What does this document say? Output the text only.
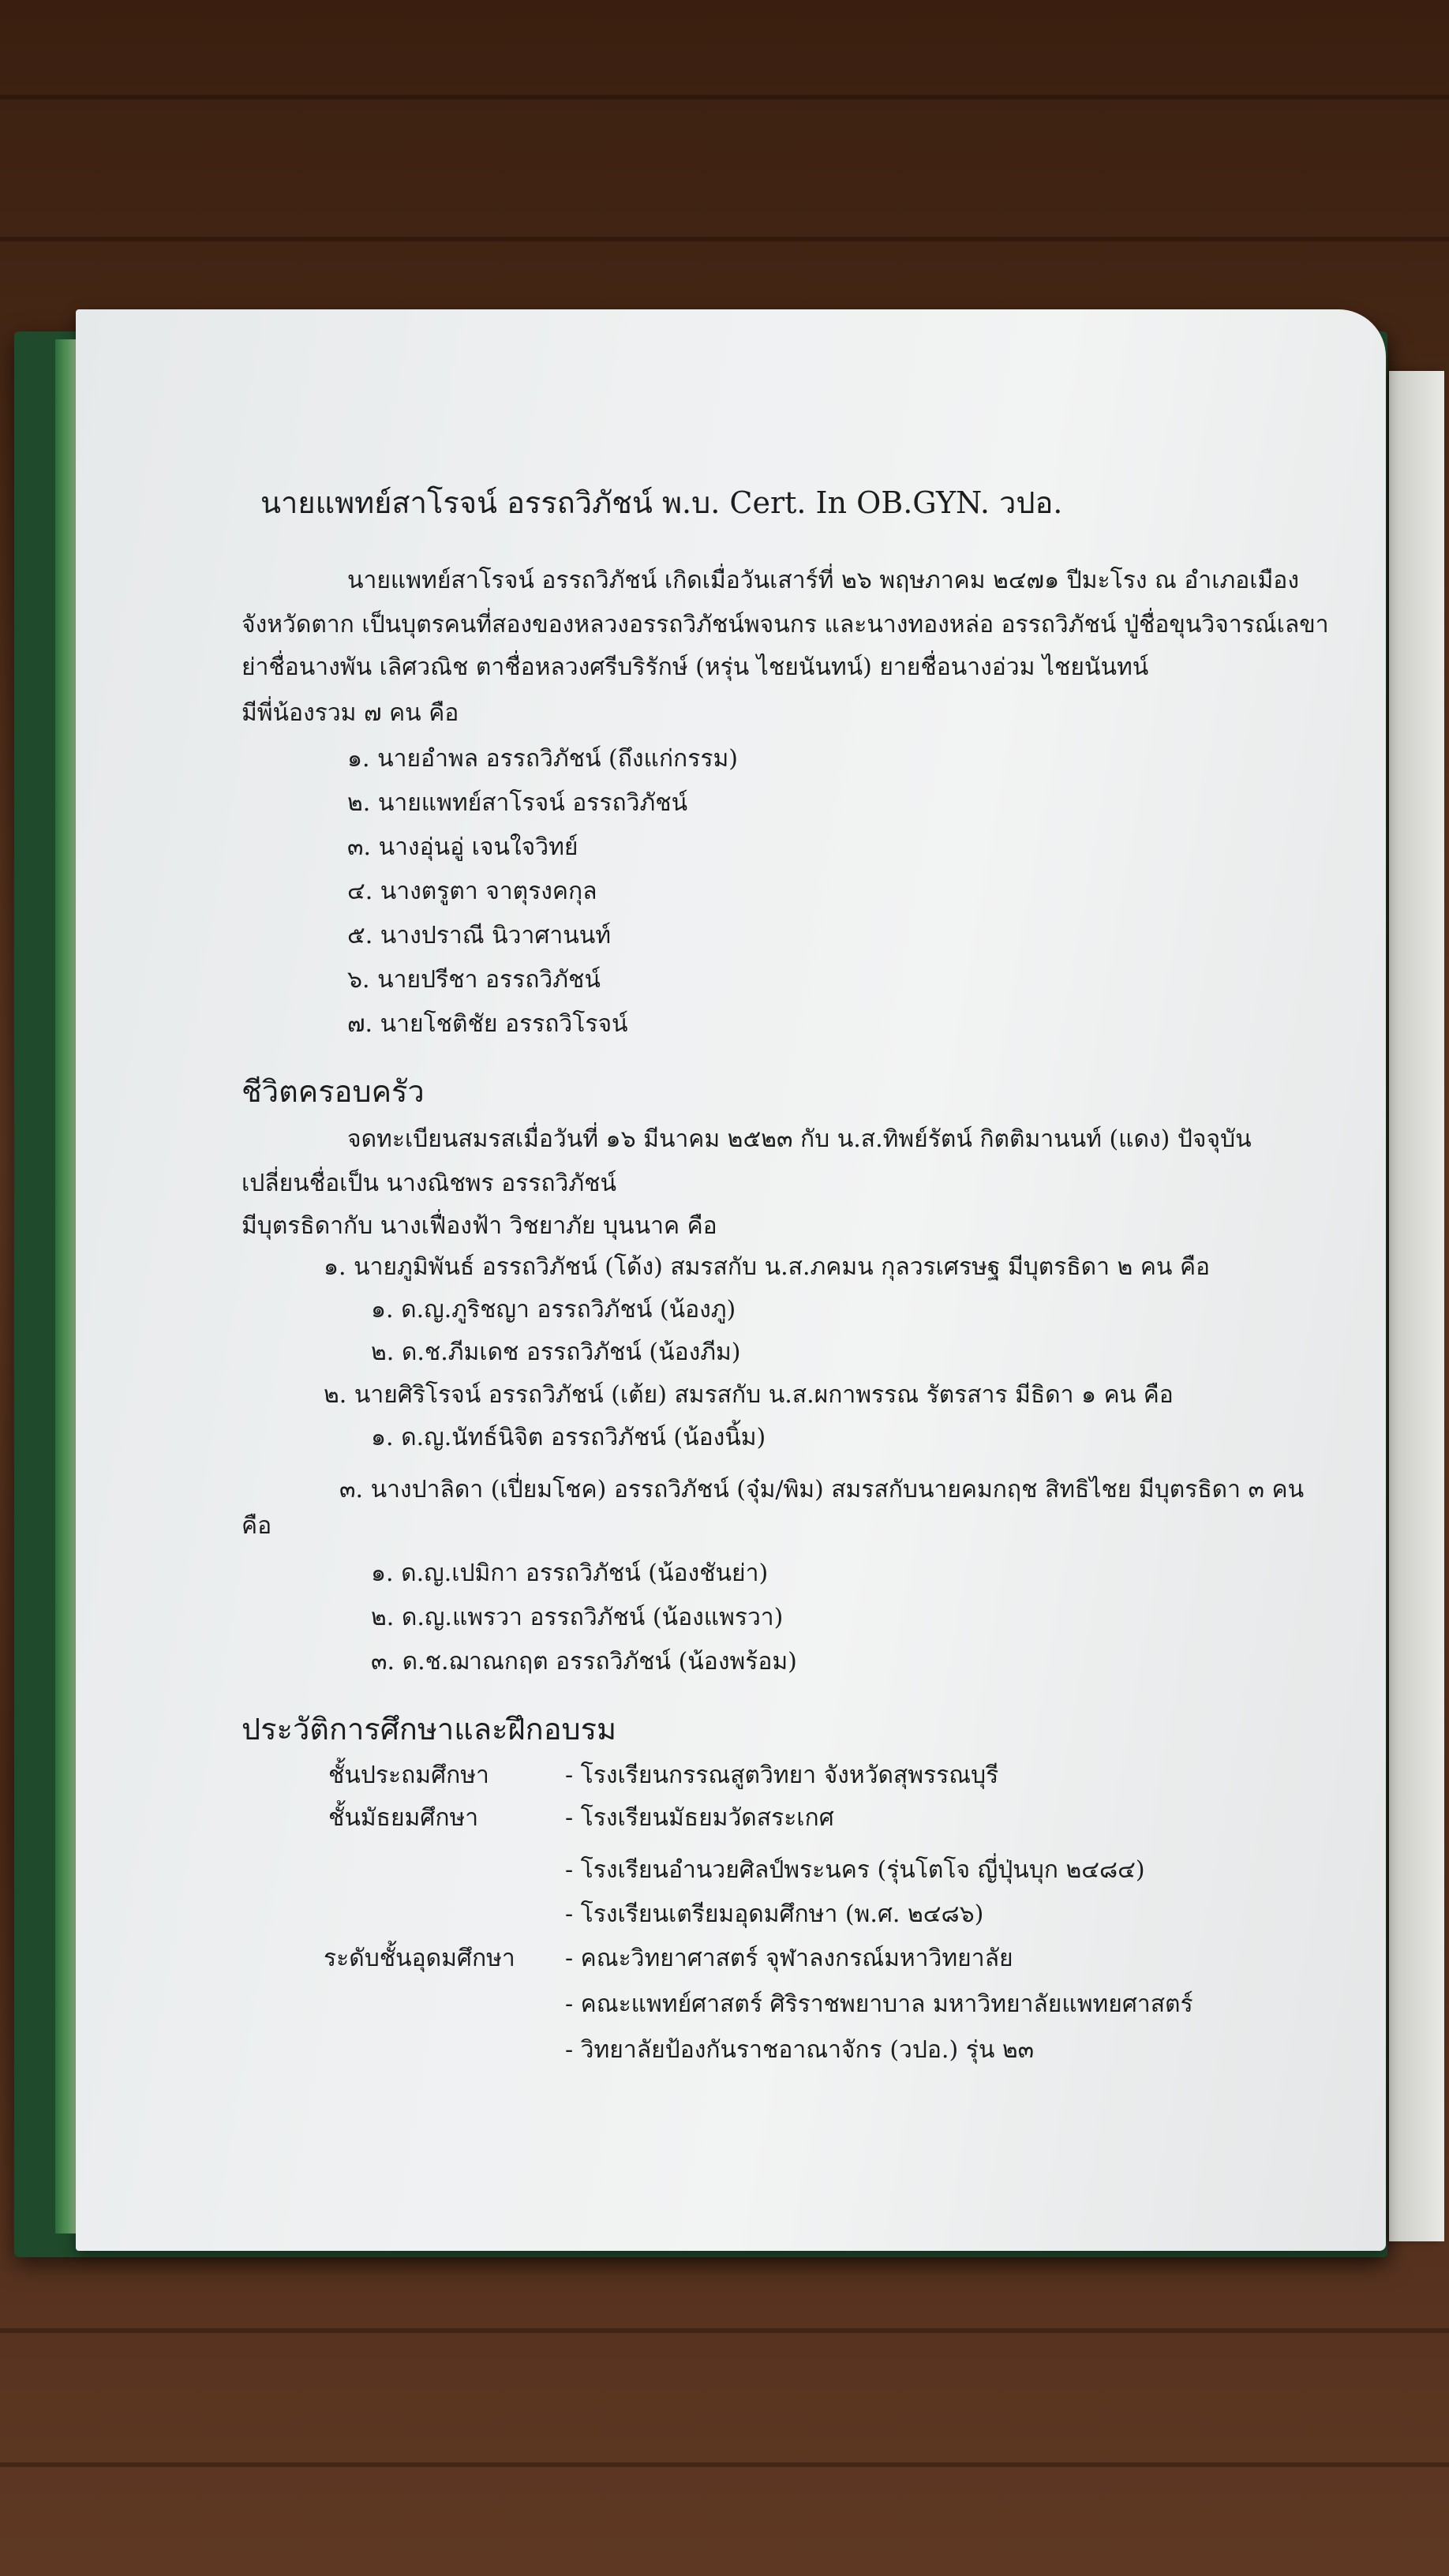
นายแพทย์สาโรจน์ อรรถวิภัชน์ พ.บ. Cert. In OB.GYN. วปอ.
นายแพทย์สาโรจน์ อรรถวิภัชน์ เกิดเมื่อวันเสาร์ที่ ๒๖ พฤษภาคม ๒๔๗๑ ปีมะโรง ณ อำเภอเมือง
จังหวัดตาก เป็นบุตรคนที่สองของหลวงอรรถวิภัชน์พจนกร และนางทองหล่อ อรรถวิภัชน์ ปู่ชื่อขุนวิจารณ์เลขา
ย่าชื่อนางพัน เลิศวณิช ตาชื่อหลวงศรีบริรักษ์ (หรุ่น ไชยนันทน์) ยายชื่อนางอ่วม ไชยนันทน์
มีพี่น้องรวม ๗ คน คือ
๑. นายอำพล อรรถวิภัชน์ (ถึงแก่กรรม)
๒. นายแพทย์สาโรจน์ อรรถวิภัชน์
๓. นางอุ่นอู่ เจนใจวิทย์
๔. นางตรูตา จาตุรงคกุล
๕. นางปราณี นิวาศานนท์
๖. นายปรีชา อรรถวิภัชน์
๗. นายโชติชัย อรรถวิโรจน์
ชีวิตครอบครัว
จดทะเบียนสมรสเมื่อวันที่ ๑๖ มีนาคม ๒๕๒๓ กับ น.ส.ทิพย์รัตน์ กิตติมานนท์ (แดง) ปัจจุบัน
เปลี่ยนชื่อเป็น นางณิชพร อรรถวิภัชน์
มีบุตรธิดากับ นางเฟื่องฟ้า วิชยาภัย บุนนาค คือ
๑. นายภูมิพันธ์ อรรถวิภัชน์ (โด้ง) สมรสกับ น.ส.ภคมน กุลวรเศรษฐ มีบุตรธิดา ๒ คน คือ
๑. ด.ญ.ภูริชญา อรรถวิภัชน์ (น้องภู)
๒. ด.ช.ภีมเดช อรรถวิภัชน์ (น้องภีม)
๒. นายศิริโรจน์ อรรถวิภัชน์ (เต้ย) สมรสกับ น.ส.ผกาพรรณ รัตรสาร มีธิดา ๑ คน คือ
๑. ด.ญ.นัทธ์นิจิต อรรถวิภัชน์ (น้องนิ้ม)
๓. นางปาลิดา (เปี่ยมโชค) อรรถวิภัชน์ (จุ๋ม/พิม) สมรสกับนายคมกฤช สิทธิไชย มีบุตรธิดา ๓ คน
คือ
๑. ด.ญ.เปมิกา อรรถวิภัชน์ (น้องชันย่า)
๒. ด.ญ.แพรวา อรรถวิภัชน์ (น้องแพรวา)
๓. ด.ช.ฌาณกฤต อรรถวิภัชน์ (น้องพร้อม)
ประวัติการศึกษาและฝึกอบรม
ชั้นประถมศึกษา	- โรงเรียนกรรณสูตวิทยา จังหวัดสุพรรณบุรี
ชั้นมัธยมศึกษา	- โรงเรียนมัธยมวัดสระเกศ
- โรงเรียนอำนวยศิลป์พระนคร (รุ่นโตโจ ญี่ปุ่นบุก ๒๔๘๔)
- โรงเรียนเตรียมอุดมศึกษา (พ.ศ. ๒๔๘๖)
ระดับชั้นอุดมศึกษา - คณะวิทยาศาสตร์ จุฬาลงกรณ์มหาวิทยาลัย
- คณะแพทย์ศาสตร์ ศิริราชพยาบาล มหาวิทยาลัยแพทยศาสตร์
- วิทยาลัยป้องกันราชอาณาจักร (วปอ.) รุ่น ๒๓
